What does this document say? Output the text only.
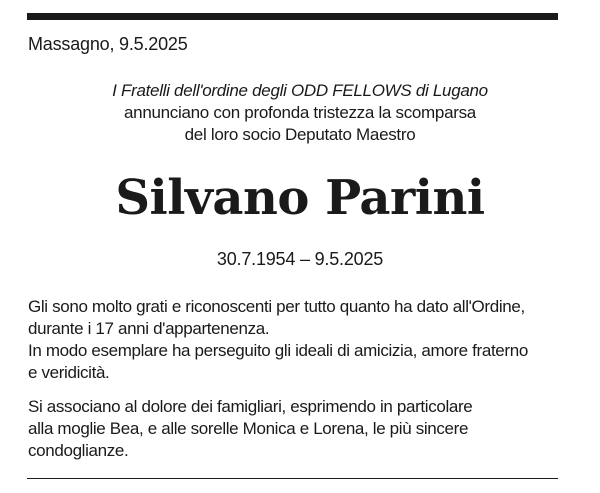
Massagno, 9.5.2025
I Fratelli dell'ordine degli ODD FELLOWS di Lugano
annunciano con profonda tristezza la scomparsa
del loro socio Deputato Maestro
Silvano Parini
30.7.1954 – 9.5.2025
Gli sono molto grati e riconoscenti per tutto quanto ha dato all'Ordine,
durante i 17 anni d'appartenenza.
In modo esemplare ha perseguito gli ideali di amicizia, amore fraterno
e veridicità.
Si associano al dolore dei famigliari, esprimendo in particolare
alla moglie Bea, e alle sorelle Monica e Lorena, le più sincere
condoglianze.
